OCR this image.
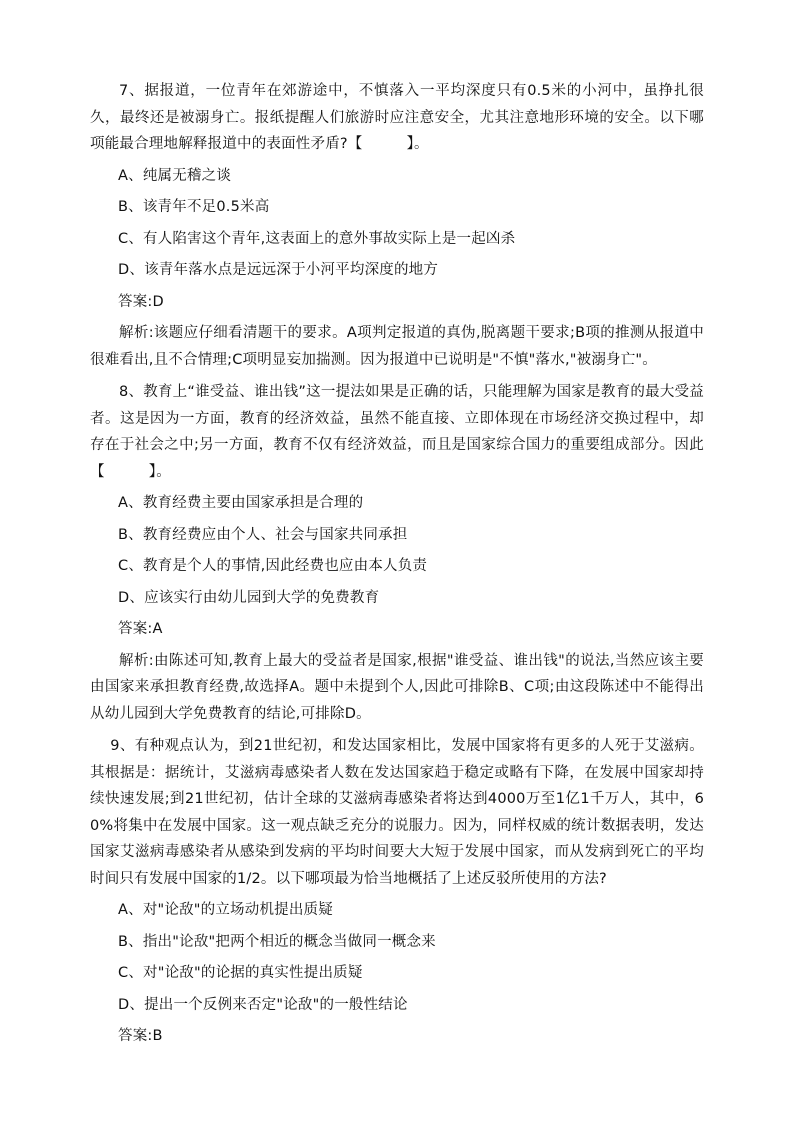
7、据报道，一位青年在郊游途中，不慎落入一平均深度只有0.5米的小河中，虽挣扎很久，最终还是被溺身亡。报纸提醒人们旅游时应注意安全，尤其注意地形环境的安全。以下哪项能最合理地解释报道中的表面性矛盾?【　　　】。

A、纯属无稽之谈

B、该青年不足0.5米高

C、有人陷害这个青年,这表面上的意外事故实际上是一起凶杀

D、该青年落水点是远远深于小河平均深度的地方

答案:D

解析:该题应仔细看清题干的要求。A项判定报道的真伪,脱离题干要求;B项的推测从报道中很难看出,且不合情理;C项明显妄加揣测。因为报道中已说明是"不慎"落水,"被溺身亡"。

8、教育上“谁受益、谁出钱”这一提法如果是正确的话，只能理解为国家是教育的最大受益者。这是因为一方面，教育的经济效益，虽然不能直接、立即体现在市场经济交换过程中，却存在于社会之中;另一方面，教育不仅有经济效益，而且是国家综合国力的重要组成部分。因此【　　　】。

A、教育经费主要由国家承担是合理的

B、教育经费应由个人、社会与国家共同承担

C、教育是个人的事情,因此经费也应由本人负责

D、应该实行由幼儿园到大学的免费教育

答案:A

解析:由陈述可知,教育上最大的受益者是国家,根据"谁受益、谁出钱"的说法,当然应该主要由国家来承担教育经费,故选择A。题中未提到个人,因此可排除B、C项;由这段陈述中不能得出从幼儿园到大学免费教育的结论,可排除D。

9、有种观点认为，到21世纪初，和发达国家相比，发展中国家将有更多的人死于艾滋病。其根据是：据统计，艾滋病毒感染者人数在发达国家趋于稳定或略有下降，在发展中国家却持续快速发展;到21世纪初，估计全球的艾滋病毒感染者将达到4000万至1亿1千万人，其中，60%将集中在发展中国家。这一观点缺乏充分的说服力。因为，同样权威的统计数据表明，发达国家艾滋病毒感染者从感染到发病的平均时间要大大短于发展中国家，而从发病到死亡的平均时间只有发展中国家的1/2。以下哪项最为恰当地概括了上述反驳所使用的方法?

A、对"论敌"的立场动机提出质疑

B、指出"论敌"把两个相近的概念当做同一概念来

C、对"论敌"的论据的真实性提出质疑

D、提出一个反例来否定"论敌"的一般性结论

答案:B
